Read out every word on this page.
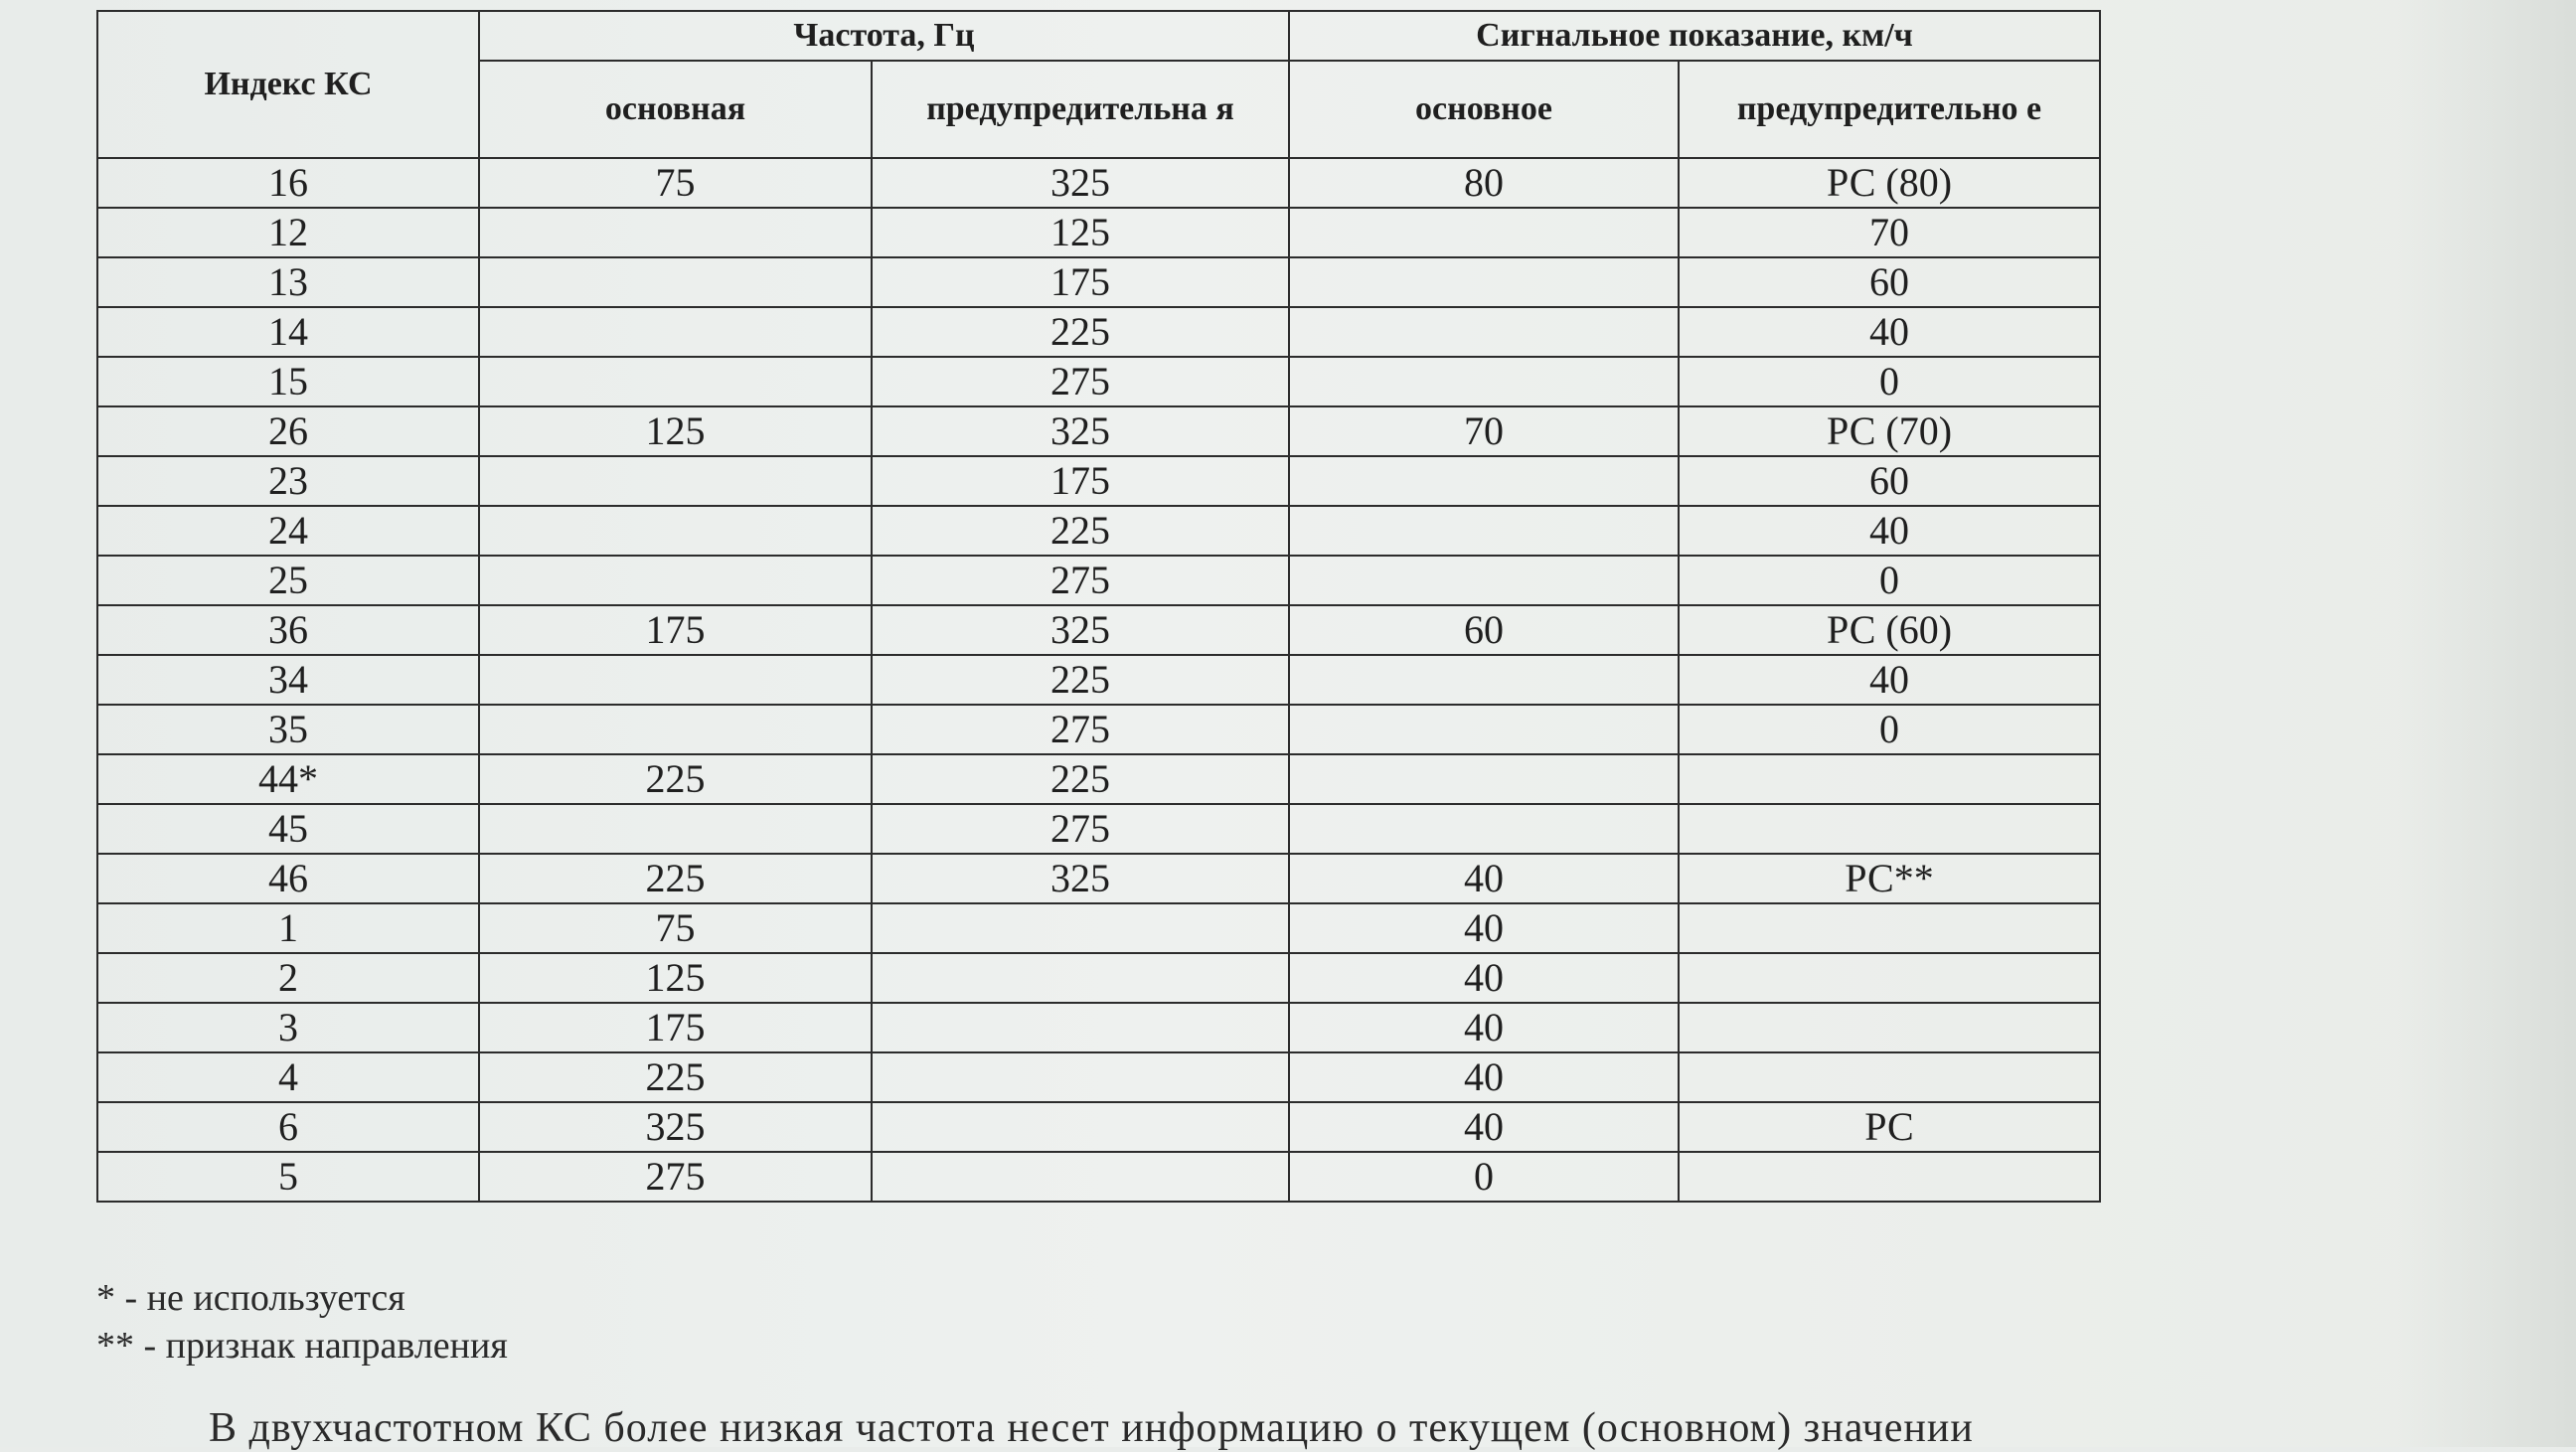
Индекс КС	Частота, Гц		Сигнальное показание, км/ч	
	основная	предупредительна я	основное	предупредительно е
16	75	325	80	РС (80)
12		125		70
13		175		60
14		225		40
15		275		0
26	125	325	70	РС (70)
23		175		60
24		225		40
25		275		0
36	175	325	60	РС (60)
34		225		40
35		275		0
44*	225	225		
45		275		
46	225	325	40	РС**
1	75		40	
2	125		40	
3	175		40	
4	225		40	
6	325		40	РС
5	275		0	
* - не используется
** - признак направления
В двухчастотном КС более низкая частота несет информацию о текущем (основном) значении
